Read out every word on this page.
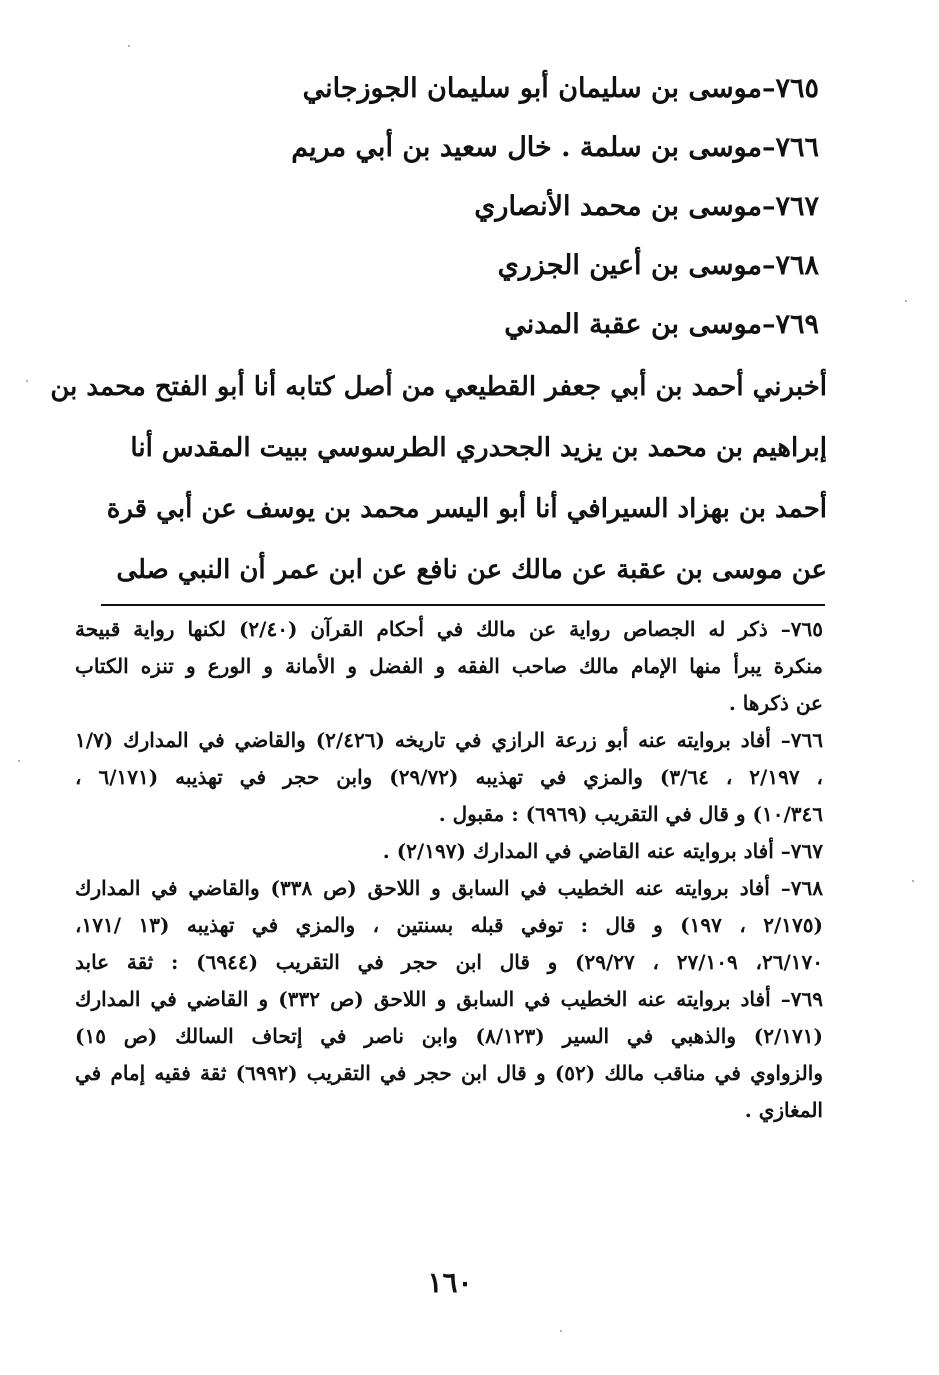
٧٦٥–موسى بن سليمان أبو سليمان الجوزجاني
٧٦٦–موسى بن سلمة . خال سعيد بن أبي مريم
٧٦٧–موسى بن محمد الأنصاري
٧٦٨–موسى بن أعين الجزري
٧٦٩–موسى بن عقبة المدني
أخبرني أحمد بن أبي جعفر القطيعي من أصل كتابه أنا أبو الفتح محمد بن
إبراهيم بن محمد بن يزيد الجحدري الطرسوسي ببيت المقدس أنا
أحمد بن بهزاد السيرافي أنا أبو اليسر محمد بن يوسف عن أبي قرة
عن موسى بن عقبة عن مالك عن نافع عن ابن عمر أن النبي صلى
٧٦٥– ذكر له الجصاص رواية عن مالك في أحكام القرآن (٢/٤٠) لكنها رواية قبيحة
منكرة يبرأ منها الإمام مالك صاحب الفقه و الفضل و الأمانة و الورع و تنزه الكتاب
عن ذكرها .
٧٦٦– أفاد بروايته عنه أبو زرعة الرازي في تاريخه (٢/٤٢٦) والقاضي في المدارك (١/٧
، ٢/١٩٧ ، ٣/٦٤) والمزي في تهذيبه (٢٩/٧٢) وابن حجر في تهذيبه (٦/١٧١ ،
١٠/٣٤٦) و قال في التقريب (٦٩٦٩) : مقبول .
٧٦٧– أفاد بروايته عنه القاضي في المدارك (٢/١٩٧) .
٧٦٨– أفاد بروايته عنه الخطيب في السابق و اللاحق (ص ٣٣٨) والقاضي في المدارك
(٢/١٧٥ ، ١٩٧) و قال : توفي قبله بسنتين ، والمزي في تهذيبه (١٣ /١٧١،
٢٦/١٧٠، ٢٧/١٠٩ ، ٢٩/٢٧) و قال ابن حجر في التقريب (٦٩٤٤) : ثقة عابد
٧٦٩– أفاد بروايته عنه الخطيب في السابق و اللاحق (ص ٣٣٢) و القاضي في المدارك
(٢/١٧١) والذهبي في السير (٨/١٢٣) وابن ناصر في إتحاف السالك (ص ١٥)
والزواوي في مناقب مالك (٥٢) و قال ابن حجر في التقريب (٦٩٩٢) ثقة فقيه إمام في
المغازي .
١٦٠
